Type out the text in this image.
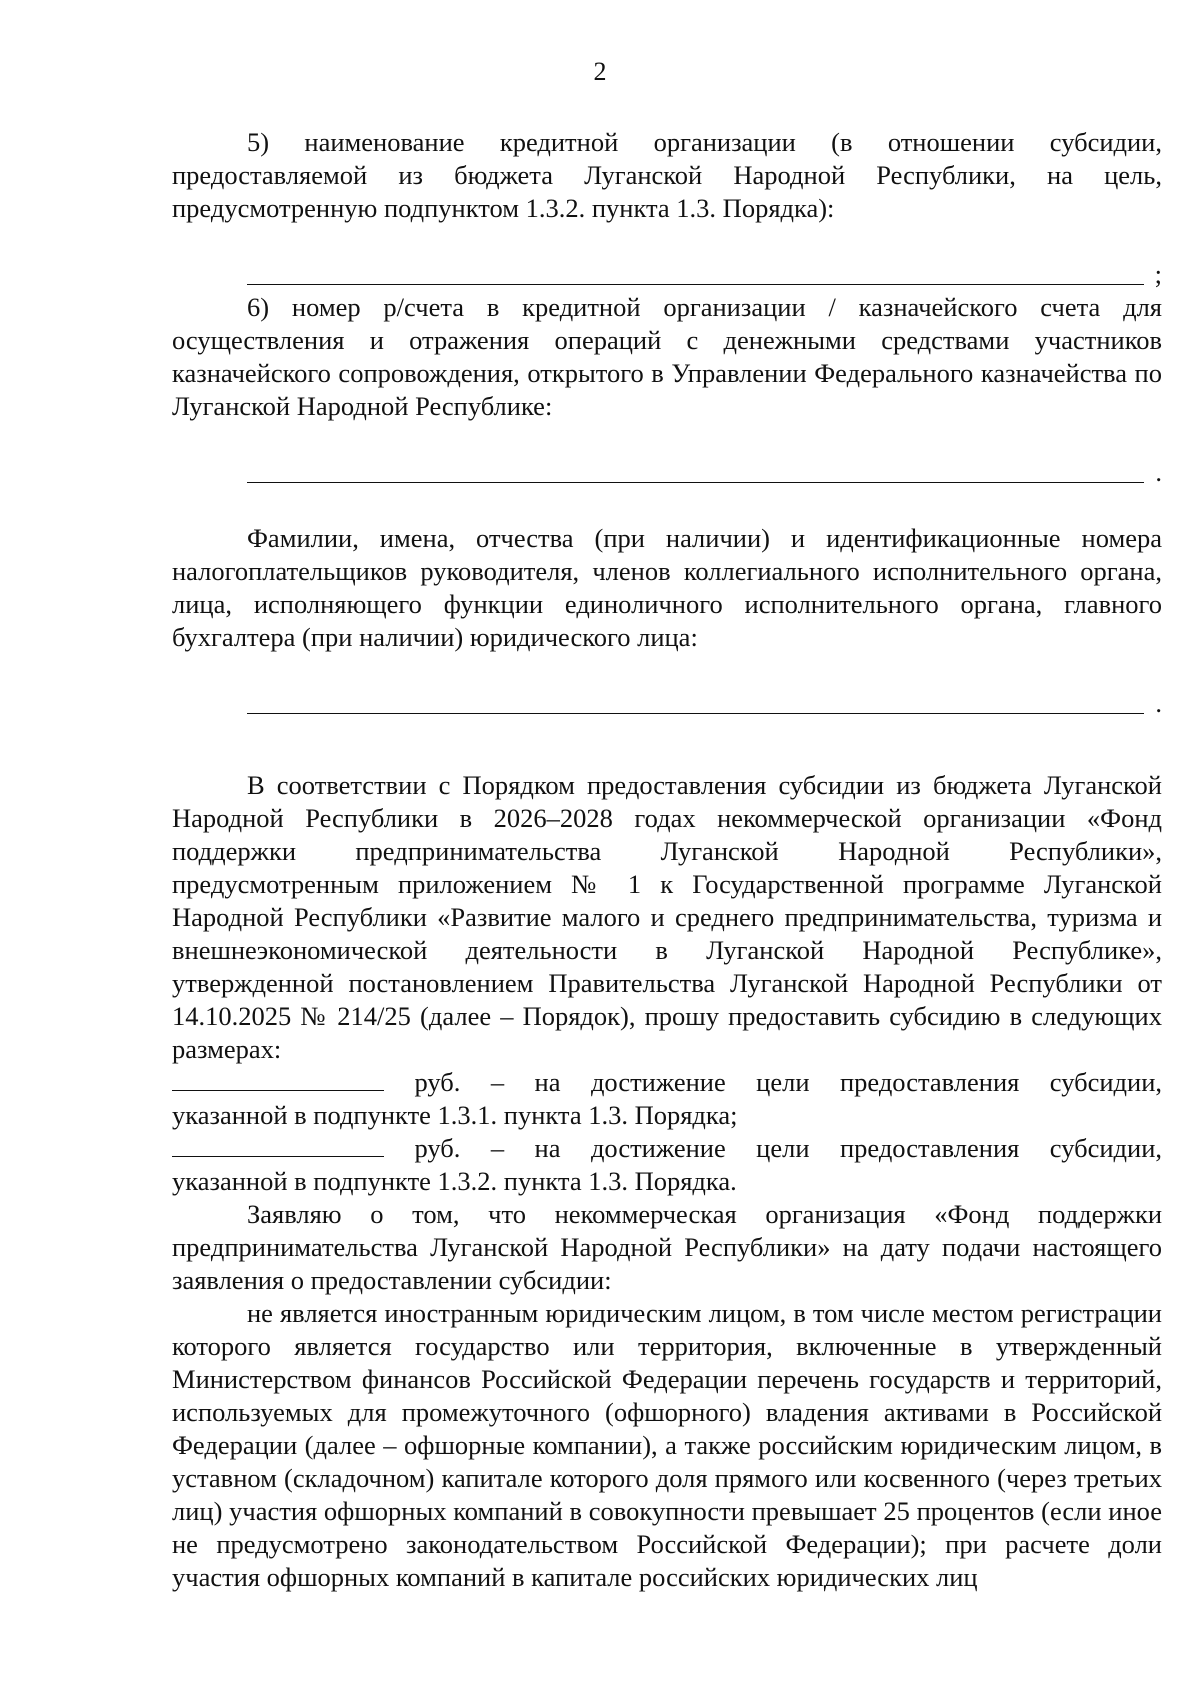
2

5) наименование кредитной организации (в отношении субсидии, предоставляемой из бюджета Луганской Народной Республики, на цель, предусмотренную подпунктом 1.3.2. пункта 1.3. Порядка):

;

6) номер р/счета в кредитной организации / казначейского счета для осуществления и отражения операций с денежными средствами участников казначейского сопровождения, открытого в Управлении Федерального казначейства по Луганской Народной Республике:

.

Фамилии, имена, отчества (при наличии) и идентификационные номера налогоплательщиков руководителя, членов коллегиального исполнительного органа, лица, исполняющего функции единоличного исполнительного органа, главного бухгалтера (при наличии) юридического лица:

.

В соответствии с Порядком предоставления субсидии из бюджета Луганской Народной Республики в 2026–2028 годах некоммерческой организации «Фонд поддержки предпринимательства Луганской Народной Республики», предусмотренным приложением № 1 к Государственной программе Луганской Народной Республики «Развитие малого и среднего предпринимательства, туризма и внешнеэкономической деятельности в Луганской Народной Республике», утвержденной постановлением Правительства Луганской Народной Республики от 14.10.2025 № 214/25 (далее – Порядок), прошу предоставить субсидию в следующих размерах:

руб. – на достижение цели предоставления субсидии,

указанной в подпункте 1.3.1. пункта 1.3. Порядка;

руб. – на достижение цели предоставления субсидии,

указанной в подпункте 1.3.2. пункта 1.3. Порядка.

Заявляю о том, что некоммерческая организация «Фонд поддержки предпринимательства Луганской Народной Республики» на дату подачи настоящего заявления о предоставлении субсидии:

не является иностранным юридическим лицом, в том числе местом регистрации которого является государство или территория, включенные в утвержденный Министерством финансов Российской Федерации перечень государств и территорий, используемых для промежуточного (офшорного) владения активами в Российской Федерации (далее – офшорные компании), а также российским юридическим лицом, в уставном (складочном) капитале которого доля прямого или косвенного (через третьих лиц) участия офшорных компаний в совокупности превышает 25 процентов (если иное не предусмотрено законодательством Российской Федерации); при расчете доли участия офшорных компаний в капитале российских юридических лиц
